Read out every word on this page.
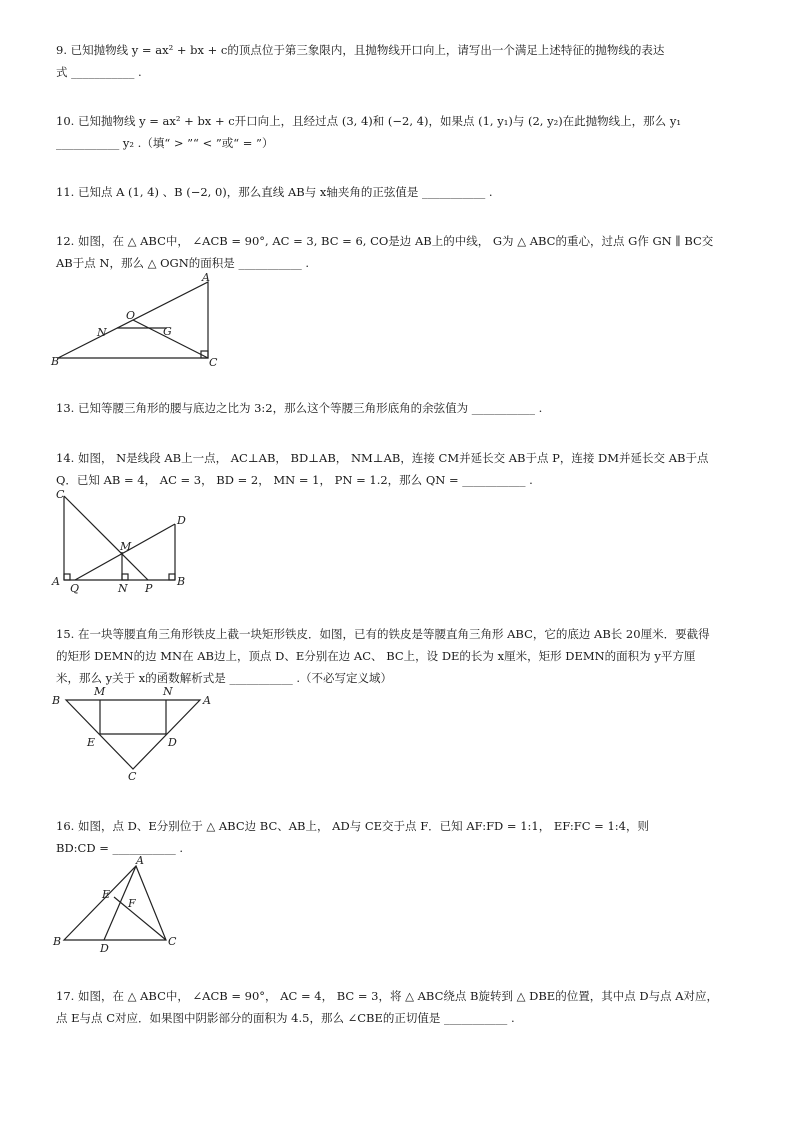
9. 已知抛物线 y = ax² + bx + c的顶点位于第三象限内，且抛物线开口向上，请写出一个满足上述特征的抛物线的表达
式 ___________ .
10. 已知抛物线 y = ax² + bx + c开口向上，且经过点 (3, 4)和 (−2, 4)，如果点 (1, y₁)与 (2, y₂)在此抛物线上，那么 y₁
___________ y₂ .（填“ > ”“ < ”或“ = ”）
11. 已知点 A (1, 4) 、B (−2, 0)，那么直线 AB与 x轴夹角的正弦值是 ___________ .
12. 如图，在 △ ABC中， ∠ACB = 90°, AC = 3, BC = 6, CO是边 AB上的中线， G为 △ ABC的重心，过点 G作 GN ∥ BC交
AB于点 N，那么 △ OGN的面积是 ___________ .
A
B	C
N
O
G
13. 已知等腰三角形的腰与底边之比为 3:2，那么这个等腰三角形底角的余弦值为 ___________ .
14. 如图， N是线段 AB上一点， AC⊥AB， BD⊥AB， NM⊥AB，连接 CM并延长交 AB于点 P，连接 DM并延长交 AB于点
Q．已知 AB = 4， AC = 3， BD = 2， MN = 1， PN = 1.2，那么 QN = ___________ .
C
D
M
A	B
Q	N P
15. 在一块等腰直角三角形铁皮上截一块矩形铁皮．如图，已有的铁皮是等腰直角三角形 ABC，它的底边 AB长 20厘米．要截得
的矩形 DEMN的边 MN在 AB边上，顶点 D、E分别在边 AC、 BC上，设 DE的长为 x厘米，矩形 DEMN的面积为 y平方厘
米，那么 y关于 x的函数解析式是 ___________ .（不必写定义域）
B	A
M	N
E	D
C
16. 如图，点 D、E分别位于 △ ABC边 BC、AB上， AD与 CE交于点 F．已知 AF:FD = 1:1， EF:FC = 1:4，则
BD:CD = ___________ .
A
E
F
B
D
C
17. 如图，在 △ ABC中， ∠ACB = 90°， AC = 4， BC = 3，将 △ ABC绕点 B旋转到 △ DBE的位置，其中点 D与点 A对应，
点 E与点 C对应．如果图中阴影部分的面积为 4.5，那么 ∠CBE的正切值是 ___________ .
